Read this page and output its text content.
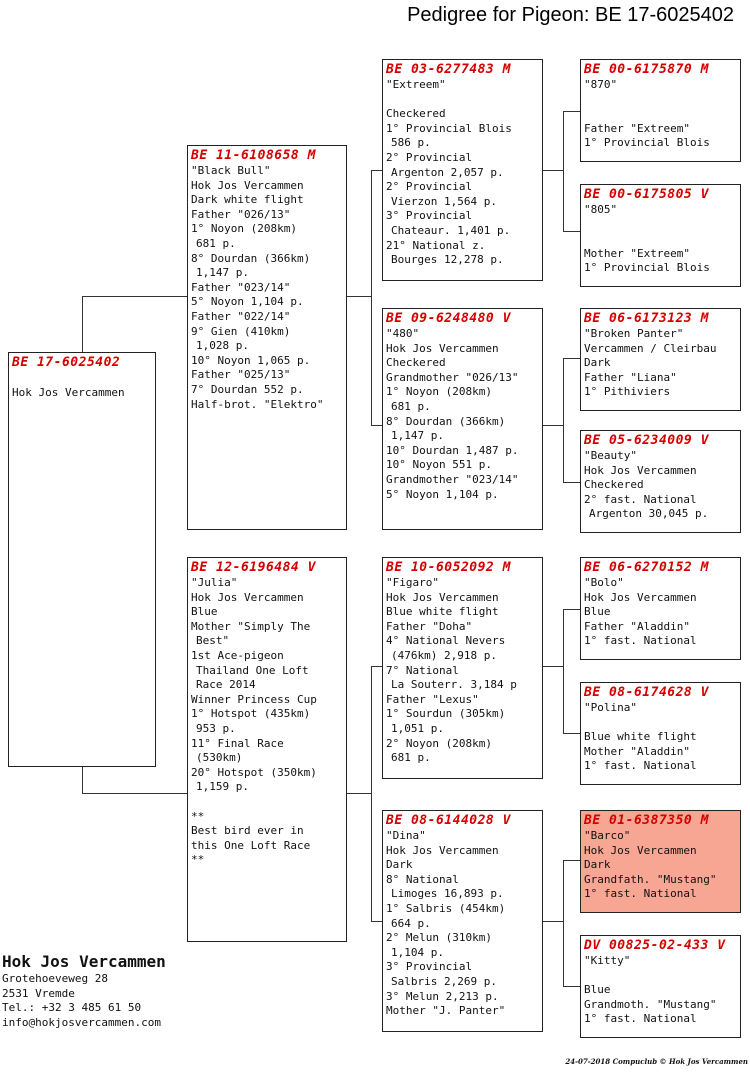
Pedigree for Pigeon: BE 17-6025402
BE 17-6025402
Hok Jos Vercammen
BE 11-6108658 M
"Black Bull"
Hok Jos Vercammen
Dark white flight
Father "026/13"
1° Noyon (208km)
681 p.
8° Dourdan (366km)
1,147 p.
Father "023/14"
5° Noyon 1,104 p.
Father "022/14"
9° Gien (410km)
1,028 p.
10° Noyon 1,065 p.
Father "025/13"
7° Dourdan 552 p.
Half-brot. "Elektro"
BE 12-6196484 V
"Julia"
Hok Jos Vercammen
Blue
Mother "Simply The
Best"
1st Ace-pigeon
Thailand One Loft
Race 2014
Winner Princess Cup
1° Hotspot (435km)
953 p.
11° Final Race
(530km)
20° Hotspot (350km)
1,159 p.
**
Best bird ever in
this One Loft Race
**
BE 03-6277483 M
"Extreem"
Checkered
1° Provincial Blois
586 p.
2° Provincial
Argenton 2,057 p.
2° Provincial
Vierzon 1,564 p.
3° Provincial
Chateaur. 1,401 p.
21° National z.
Bourges 12,278 p.
BE 09-6248480 V
"480"
Hok Jos Vercammen
Checkered
Grandmother "026/13"
1° Noyon (208km)
681 p.
8° Dourdan (366km)
1,147 p.
10° Dourdan 1,487 p.
10° Noyon 551 p.
Grandmother "023/14"
5° Noyon 1,104 p.
BE 10-6052092 M
"Figaro"
Hok Jos Vercammen
Blue white flight
Father "Doha"
4° National Nevers
(476km) 2,918 p.
7° National
La Souterr. 3,184 p
Father "Lexus"
1° Sourdun (305km)
1,051 p.
2° Noyon (208km)
681 p.
BE 08-6144028 V
"Dina"
Hok Jos Vercammen
Dark
8° National
Limoges 16,893 p.
1° Salbris (454km)
664 p.
2° Melun (310km)
1,104 p.
3° Provincial
Salbris 2,269 p.
3° Melun 2,213 p.
Mother "J. Panter"
BE 00-6175870 M
"870"
Father "Extreem"
1° Provincial Blois
BE 00-6175805 V
"805"
Mother "Extreem"
1° Provincial Blois
BE 06-6173123 M
"Broken Panter"
Vercammen / Cleirbau
Dark
Father "Liana"
1° Pithiviers
BE 05-6234009 V
"Beauty"
Hok Jos Vercammen
Checkered
2° fast. National
Argenton 30,045 p.
BE 06-6270152 M
"Bolo"
Hok Jos Vercammen
Blue
Father "Aladdin"
1° fast. National
BE 08-6174628 V
"Polina"
Blue white flight
Mother "Aladdin"
1° fast. National
BE 01-6387350 M
"Barco"
Hok Jos Vercammen
Dark
Grandfath. "Mustang"
1° fast. National
DV 00825-02-433 V
"Kitty"
Blue
Grandmoth. "Mustang"
1° fast. National
Hok Jos Vercammen
Grotehoeveweg 28
2531 Vremde
Tel.: +32 3 485 61 50
info@hokjosvercammen.com
24-07-2018 Compuclub © Hok Jos Vercammen
